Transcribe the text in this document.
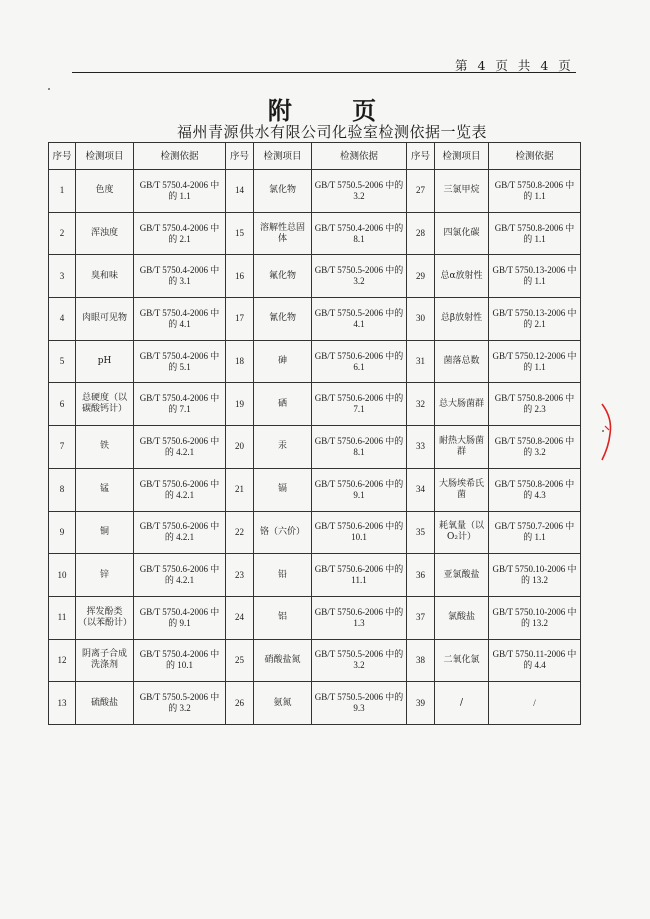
第 4 页 共 4 页
附 页
福州青源供水有限公司化验室检测依据一览表
序号	检测项目	检测依据	序号	检测项目	检测依据	序号	检测项目	检测依据
1	色度	GB/T 5750.4-2006 中的 1.1	14	氯化物	GB/T 5750.5-2006 中的 3.2	27	三氯甲烷	GB/T 5750.8-2006 中的 1.1
2	浑浊度	GB/T 5750.4-2006 中的 2.1	15	溶解性总固体	GB/T 5750.4-2006 中的 8.1	28	四氯化碳	GB/T 5750.8-2006 中的 1.1
3	臭和味	GB/T 5750.4-2006 中的 3.1	16	氟化物	GB/T 5750.5-2006 中的 3.2	29	总α放射性	GB/T 5750.13-2006 中的 1.1
4	肉眼可见物	GB/T 5750.4-2006 中的 4.1	17	氰化物	GB/T 5750.5-2006 中的 4.1	30	总β放射性	GB/T 5750.13-2006 中的 2.1
5	pH	GB/T 5750.4-2006 中的 5.1	18	砷	GB/T 5750.6-2006 中的 6.1	31	菌落总数	GB/T 5750.12-2006 中的 1.1
6	总硬度（以碳酸钙计）	GB/T 5750.4-2006 中的 7.1	19	硒	GB/T 5750.6-2006 中的 7.1	32	总大肠菌群	GB/T 5750.8-2006 中的 2.3
7	铁	GB/T 5750.6-2006 中的 4.2.1	20	汞	GB/T 5750.6-2006 中的 8.1	33	耐热大肠菌群	GB/T 5750.8-2006 中的 3.2
8	锰	GB/T 5750.6-2006 中的 4.2.1	21	镉	GB/T 5750.6-2006 中的 9.1	34	大肠埃希氏菌	GB/T 5750.8-2006 中的 4.3
9	铜	GB/T 5750.6-2006 中的 4.2.1	22	铬（六价）	GB/T 5750.6-2006 中的 10.1	35	耗氧量（以O₂计）	GB/T 5750.7-2006 中的 1.1
10	锌	GB/T 5750.6-2006 中的 4.2.1	23	铅	GB/T 5750.6-2006 中的 11.1	36	亚氯酸盐	GB/T 5750.10-2006 中的 13.2
11	挥发酚类（以苯酚计）	GB/T 5750.4-2006 中的 9.1	24	铝	GB/T 5750.6-2006 中的 1.3	37	氯酸盐	GB/T 5750.10-2006 中的 13.2
12	阴离子合成洗涤剂	GB/T 5750.4-2006 中的 10.1	25	硝酸盐氮	GB/T 5750.5-2006 中的 3.2	38	二氧化氯	GB/T 5750.11-2006 中的 4.4
13	硫酸盐	GB/T 5750.5-2006 中的 3.2	26	氨氮	GB/T 5750.5-2006 中的 9.3	39	/	/
